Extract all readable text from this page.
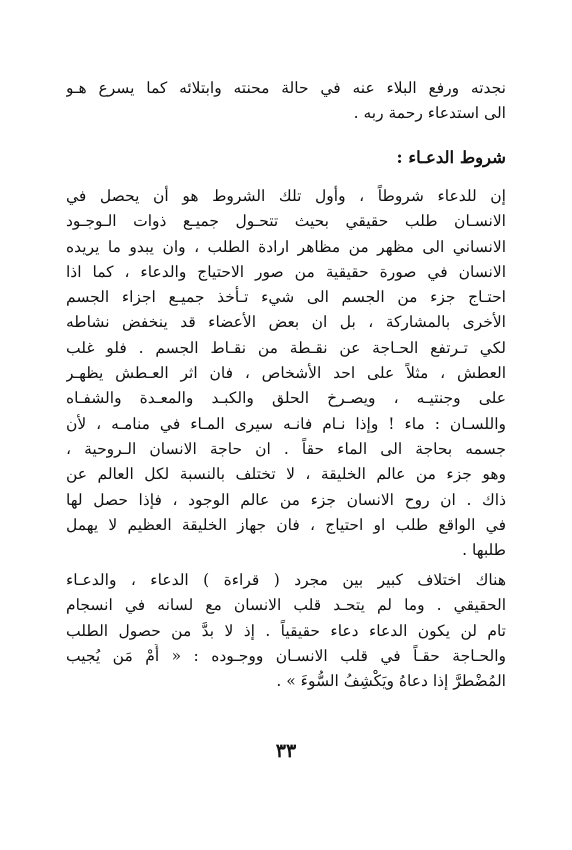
نجدته ورفع البلاء عنه في حالة محنته وابتلائه كما يسرع هـو
الى استدعاء رحمة ربه .
شروط الدعـاء :
إن للدعاء شروطاً ، وأول تلك الشروط هو أن يحصل في
الانسـان طلب حقيقي بحيث تتحـول جميـع ذوات الـوجـود
الانساني الى مظهر من مظاهر ارادة الطلب ، وان يبدو ما يريده
الانسان في صورة حقيقية من صور الاحتياج والدعاء ، كما اذا
احتـاج جزء من الجسم الى شيء تـأخذ جميـع اجزاء الجسم
الأخرى بالمشاركة ، بل ان بعض الأعضاء قد ينخفض نشاطه
لكي تـرتفع الحـاجة عن نقـطة من نقـاط الجسم . فلو غلب
العطش ، مثلاً على احد الأشخاص ، فان اثر العـطش يظهـر
على وجنتيـه ، ويصـرخ الحلق والكبـد والمعـدة والشفـاه
واللسـان : ماء ! وإذا نـام فانـه سيرى المـاء في منامـه ، لأن
جسمه بحاجة الى الماء حقاً . ان حاجة الانسان الـروحية ،
وهو جزء من عالم الخليقة ، لا تختلف بالنسبة لكل العالم عن
ذاك . ان روح الانسان جزء من عالم الوجود ، فإذا حصل لها
في الواقع طلب او احتياج ، فان جهاز الخليقة العظيم لا يهمل
طلبها .
هناك اختلاف كبير بين مجرد ( قراءة ) الدعاء ، والدعـاء
الحقيقي . وما لم يتحـد قلب الانسان مع لسانه في انسجام
تام لن يكون الدعاء دعاء حقيقياً . إذ لا بدَّ من حصول الطلب
والحـاجة حقـاً في قلب الانسـان ووجـوده : « أَمْ مَن يُجيب
المُضْطرَّ إذا دعاهُ ويَكْشِفُ السُّوءَ » .
٣٣
